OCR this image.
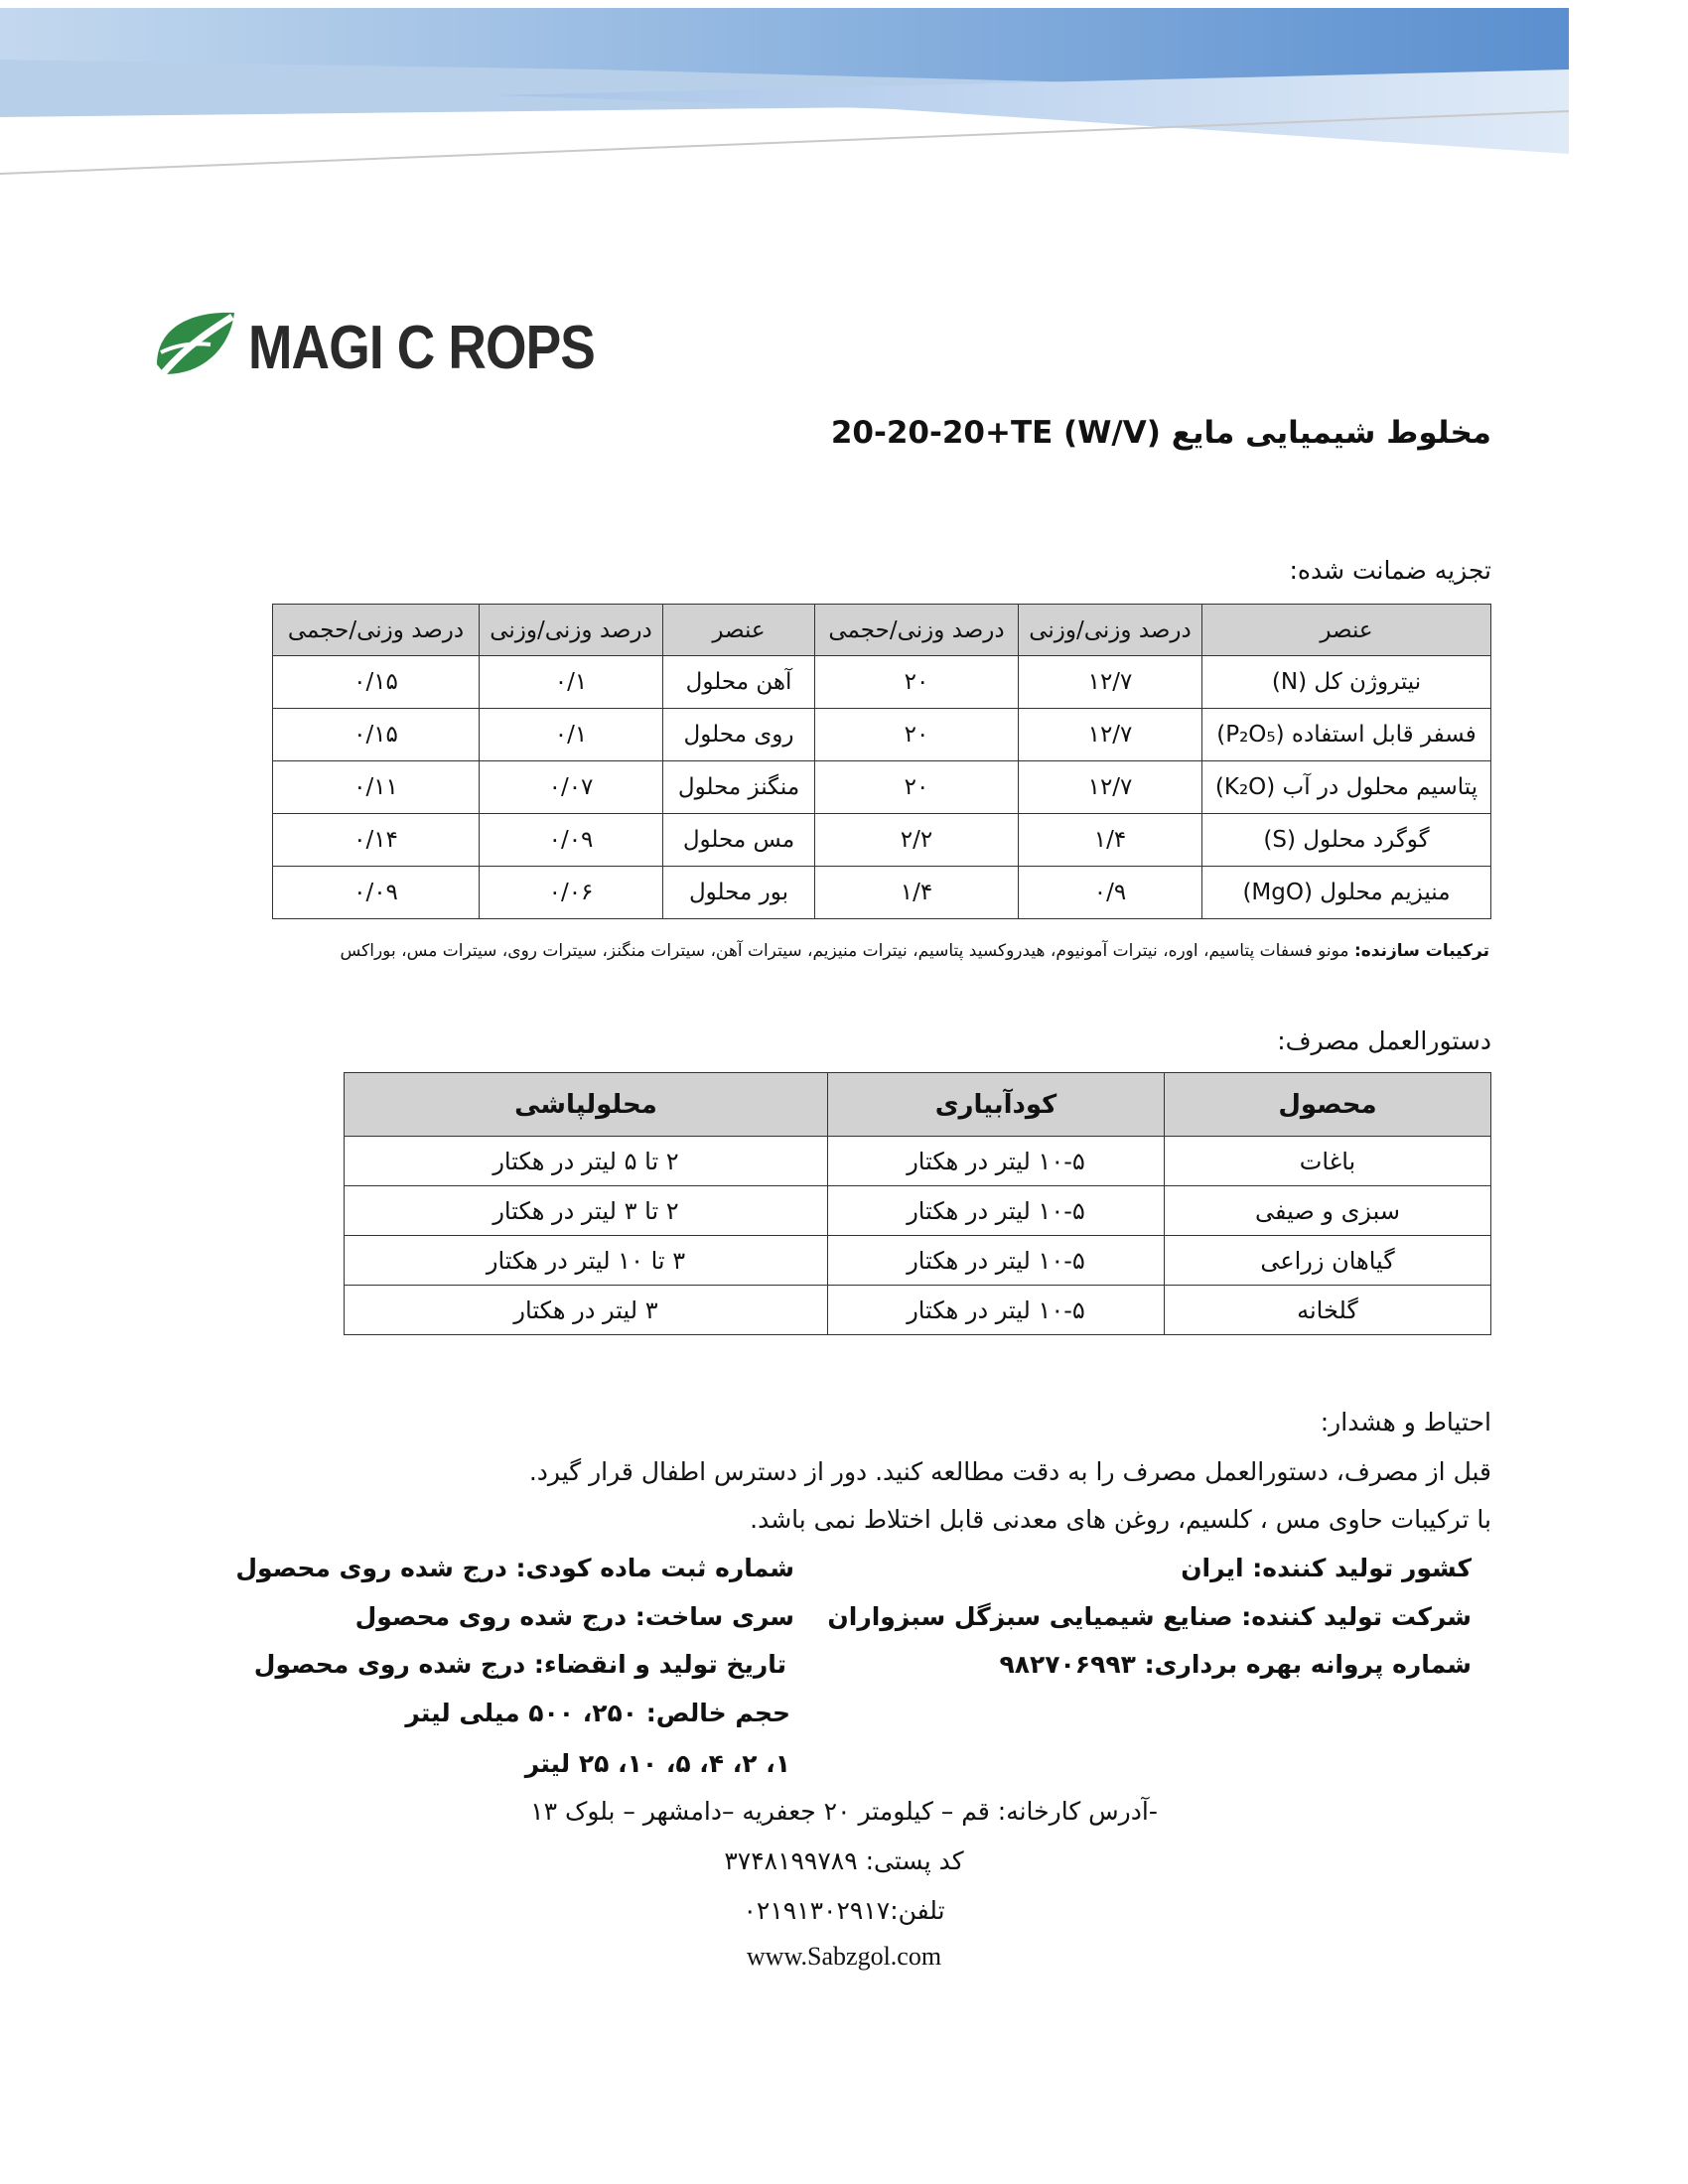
MAGI C ROPS
مخلوط شیمیایی مایع (W/V) 20-20-20+TE
تجزیه ضمانت شده:
عنصر	درصد وزنی/وزنی	درصد وزنی/حجمی	عنصر	درصد وزنی/وزنی	درصد وزنی/حجمی
نیتروژن کل (N)	۱۲/۷	۲۰	آهن محلول	۰/۱	۰/۱۵
فسفر قابل استفاده (P₂O₅)	۱۲/۷	۲۰	روی محلول	۰/۱	۰/۱۵
پتاسیم محلول در آب (K₂O)	۱۲/۷	۲۰	منگنز محلول	۰/۰۷	۰/۱۱
گوگرد محلول (S)	۱/۴	۲/۲	مس محلول	۰/۰۹	۰/۱۴
منیزیم محلول (MgO)	۰/۹	۱/۴	بور محلول	۰/۰۶	۰/۰۹
ترکیبات سازنده: مونو فسفات پتاسیم، اوره، نیترات آمونیوم، هیدروکسید پتاسیم، نیترات منیزیم، سیترات آهن، سیترات منگنز، سیترات روی، سیترات مس، بوراکس
دستورالعمل مصرف:
محصول	کودآبیاری	محلولپاشی
باغات	۱۰-۵ لیتر در هکتار	۲ تا ۵ لیتر در هکتار
سبزی و صیفی	۱۰-۵ لیتر در هکتار	۲ تا ۳ لیتر در هکتار
گیاهان زراعی	۱۰-۵ لیتر در هکتار	۳ تا ۱۰ لیتر در هکتار
گلخانه	۱۰-۵ لیتر در هکتار	۳ لیتر در هکتار
احتیاط و هشدار:
قبل از مصرف، دستورالعمل مصرف را به دقت مطالعه کنید. دور از دسترس اطفال قرار گیرد.
با ترکیبات حاوی مس ، کلسیم، روغن های معدنی قابل اختلاط نمی باشد.
کشور تولید کننده: ایران
شرکت تولید کننده: صنایع شیمیایی سبزگل سبزواران
شماره پروانه بهره برداری: ۹۸۲۷۰۶۹۹۳
شماره ثبت ماده کودی: درج شده روی محصول
سری ساخت: درج شده روی محصول
تاریخ تولید و انقضاء: درج شده روی محصول
حجم خالص: ۲۵۰، ۵۰۰ میلی لیتر
۱، ۲، ۴، ۵، ۱۰، ۲۵ لیتر
-آدرس کارخانه: قم – کیلومتر ۲۰ جعفریه –دامشهر – بلوک ۱۳
کد پستی: ۳۷۴۸۱۹۹۷۸۹
تلفن:۰۲۱۹۱۳۰۲۹۱۷
www.Sabzgol.com
